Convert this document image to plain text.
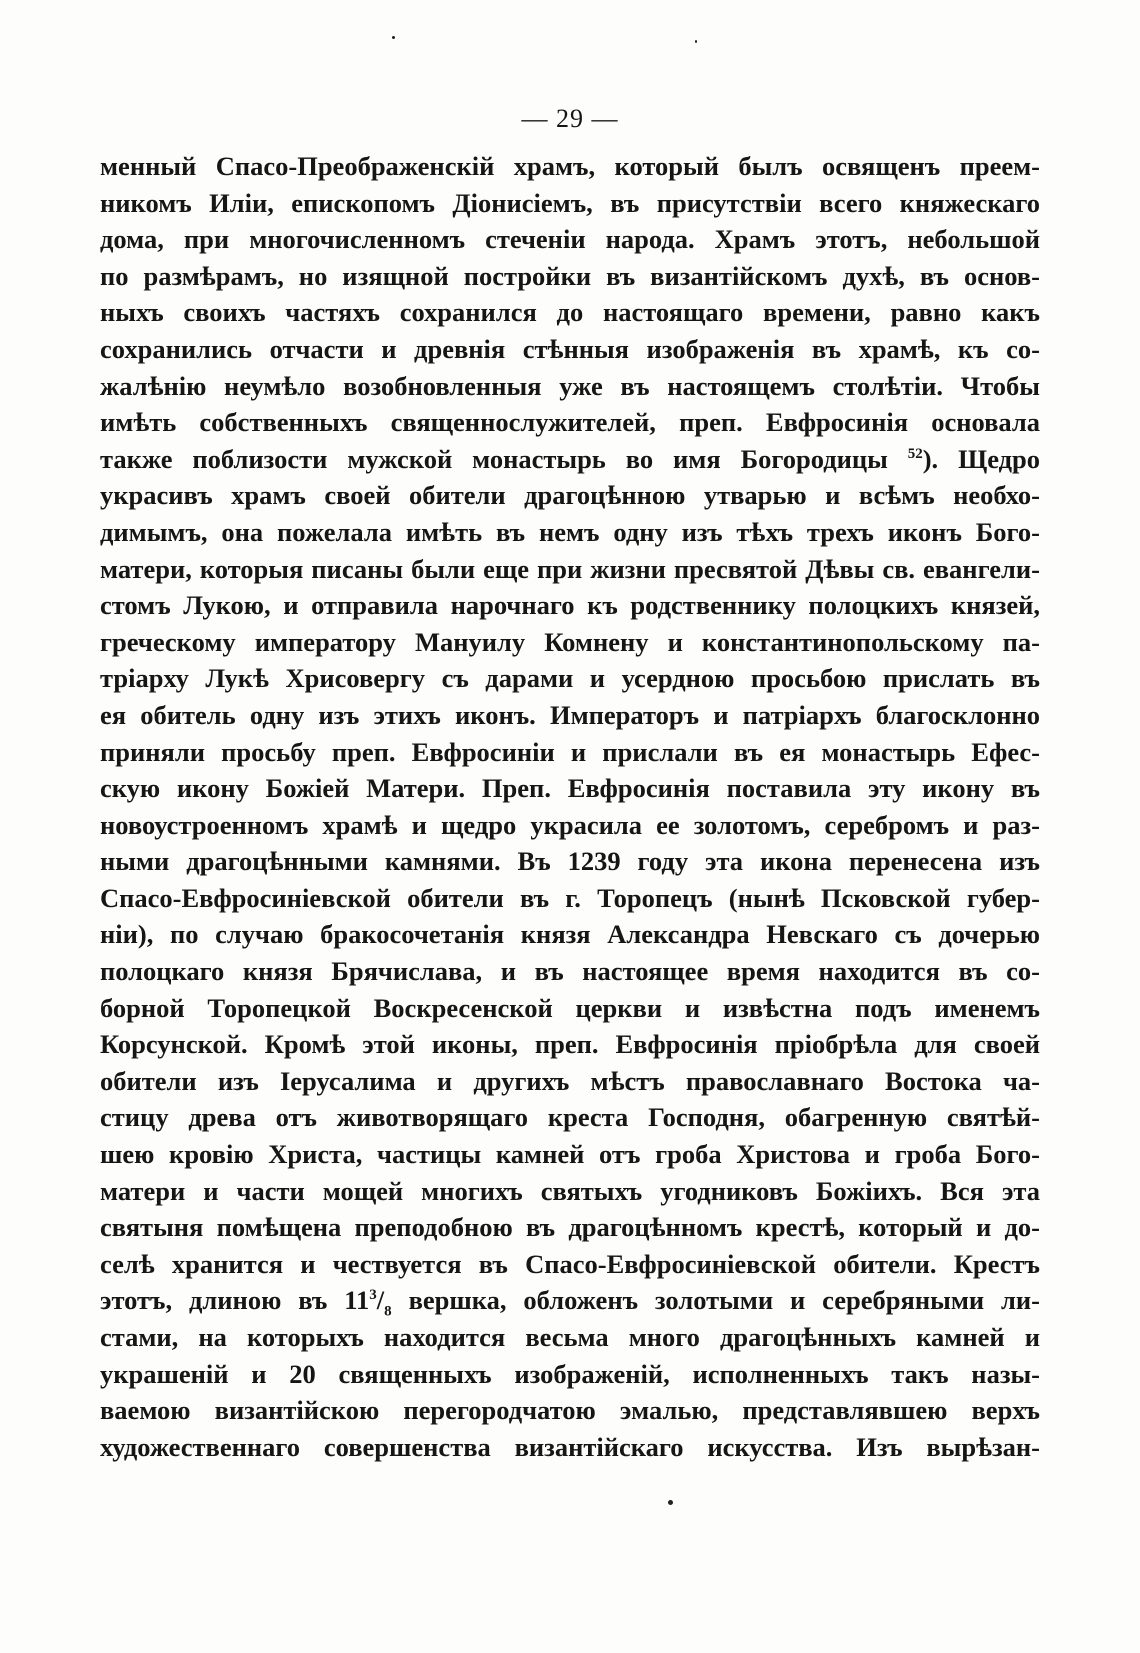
— 29 —
менный Спасо-Преображенскій храмъ, который былъ освященъ преем-
никомъ Иліи, епископомъ Діонисіемъ, въ присутствіи всего княжескаго
дома, при многочисленномъ стеченіи народа. Храмъ этотъ, небольшой
по размѣрамъ, но изящной постройки въ византійскомъ духѣ, въ основ-
ныхъ своихъ частяхъ сохранился до настоящаго времени, равно какъ
сохранились отчасти и древнія стѣнныя изображенія въ храмѣ, къ со-
жалѣнію неумѣло возобновленныя уже въ настоящемъ столѣтіи. Чтобы
имѣть собственныхъ священнослужителей, преп. Евфросинія основала
также поблизости мужской монастырь во имя Богородицы $^{52}$). Щедро
украсивъ храмъ своей обители драгоцѣнною утварью и всѣмъ необхо-
димымъ, она пожелала имѣть въ немъ одну изъ тѣхъ трехъ иконъ Бого-
матери, которыя писаны были еще при жизни пресвятой Дѣвы св. евангели-
стомъ Лукою, и отправила нарочнаго къ родственнику полоцкихъ князей,
греческому императору Мануилу Комнену и константинопольскому па-
тріарху Лукѣ Хрисовергу съ дарами и усердною просьбою прислать въ
ея обитель одну изъ этихъ иконъ. Императоръ и патріархъ благосклонно
приняли просьбу преп. Евфросиніи и прислали въ ея монастырь Ефес-
скую икону Божіей Матери. Преп. Евфросинія поставила эту икону въ
новоустроенномъ храмѣ и щедро украсила ее золотомъ, серебромъ и раз-
ными драгоцѣнными камнями. Въ 1239 году эта икона перенесена изъ
Спасо-Евфросиніевской обители въ г. Торопецъ (нынѣ Псковской губер-
ніи), по случаю бракосочетанія князя Александра Невскаго съ дочерью
полоцкаго князя Брячислава, и въ настоящее время находится въ со-
борной Торопецкой Воскресенской церкви и извѣстна подъ именемъ
Корсунской. Кромѣ этой иконы, преп. Евфросинія пріобрѣла для своей
обители изъ Іерусалима и другихъ мѣстъ православнаго Востока ча-
стицу древа отъ животворящаго креста Господня, обагренную святѣй-
шею кровію Христа, частицы камней отъ гроба Христова и гроба Бого-
матери и части мощей многихъ святыхъ угодниковъ Божіихъ. Вся эта
святыня помѣщена преподобною въ драгоцѣнномъ крестѣ, который и до-
селѣ хранится и чествуется въ Спасо-Евфросиніевской обители. Крестъ
этотъ, длиною въ $11^3/_8$ вершка, обложенъ золотыми и серебряными ли-
стами, на которыхъ находится весьма много драгоцѣнныхъ камней и
украшеній и 20 священныхъ изображеній, исполненныхъ такъ назы-
ваемою византійскою перегородчатою эмалью, представлявшею верхъ
художественнаго совершенства византійскаго искусства. Изъ вырѣзан-
